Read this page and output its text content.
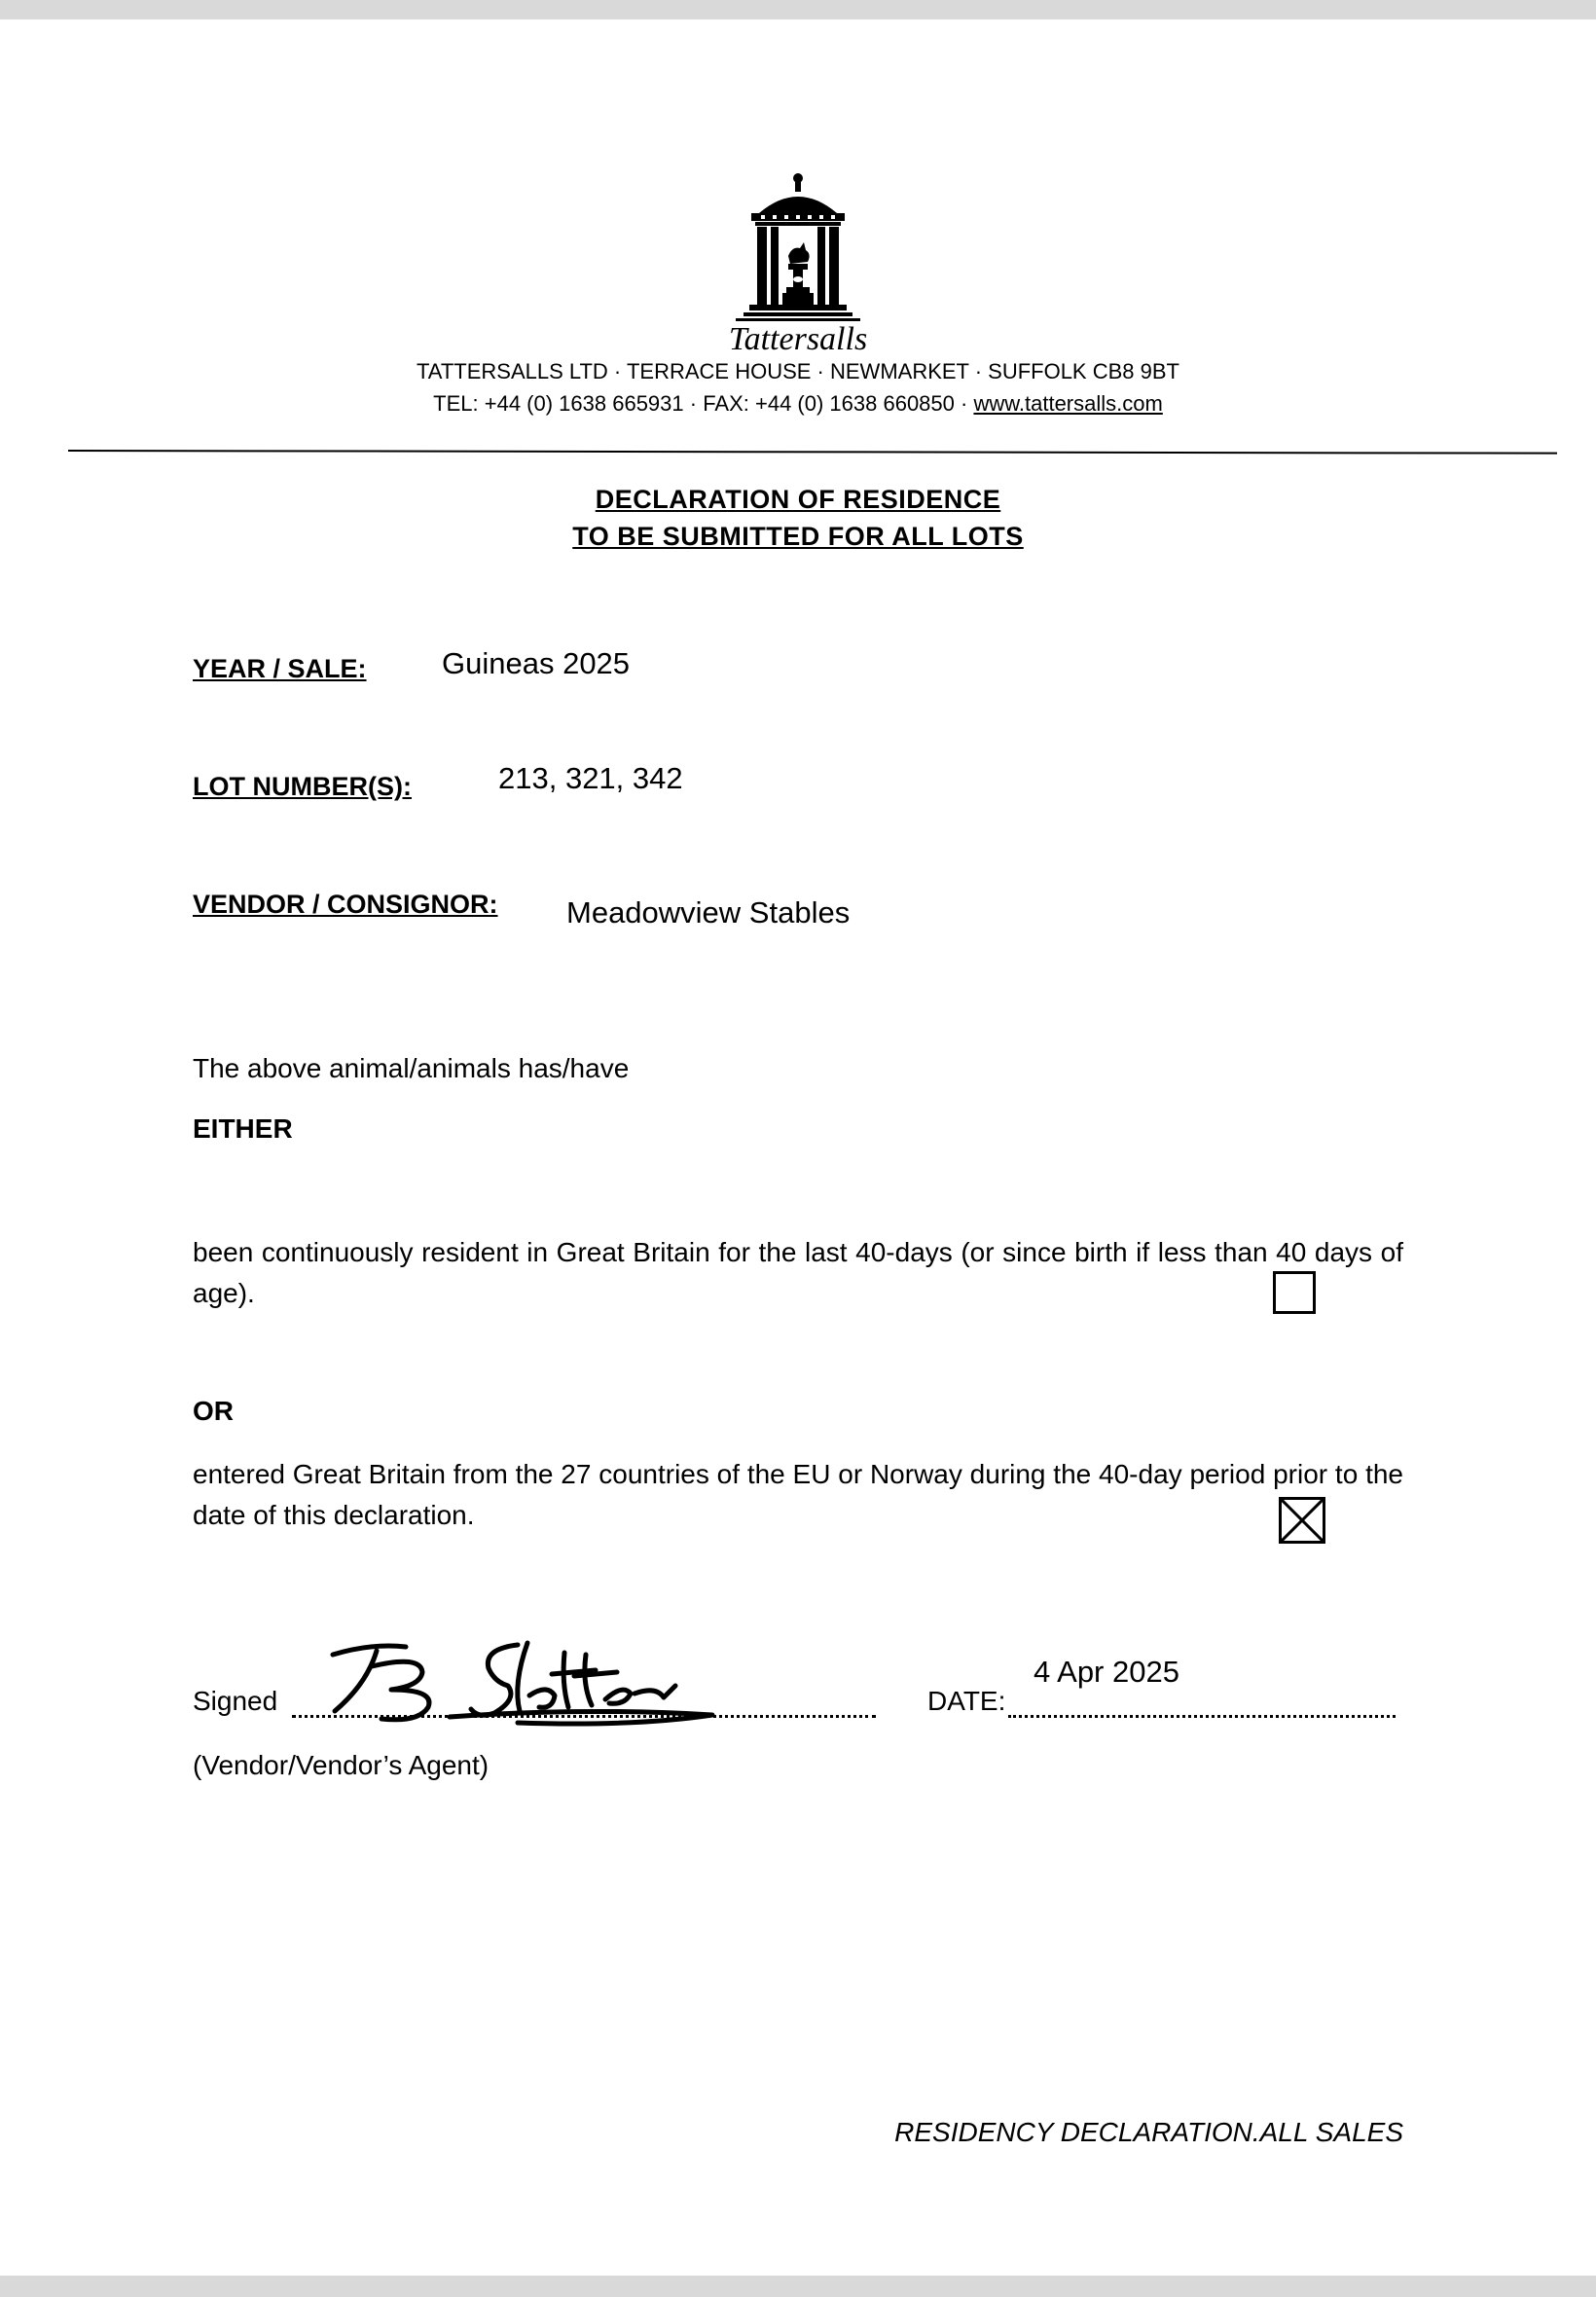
Tattersalls
TATTERSALLS LTD · TERRACE HOUSE · NEWMARKET · SUFFOLK CB8 9BT
TEL: +44 (0) 1638 665931 · FAX: +44 (0) 1638 660850 · www.tattersalls.com
DECLARATION OF RESIDENCE
TO BE SUBMITTED FOR ALL LOTS
YEAR / SALE: Guineas 2025
LOT NUMBER(S):	213, 321, 342
VENDOR / CONSIGNOR: Meadowview Stables
The above animal/animals has/have
EITHER
been continuously resident in Great Britain for the last 40-days (or since birth if less than 40 days of age).
OR
entered Great Britain from the 27 countries of the EU or Norway during the 40-day period prior to the date of this declaration.
Signed	DATE:
4 Apr 2025
(Vendor/Vendor’s Agent)
RESIDENCY DECLARATION.ALL SALES
